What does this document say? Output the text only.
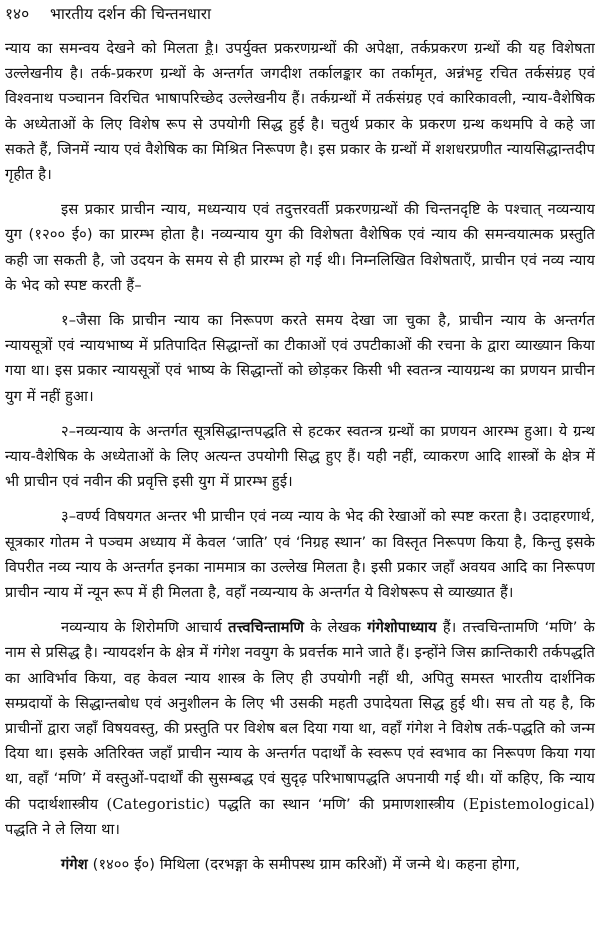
१४० भारतीय दर्शन की चिन्तनधारा

न्याय का समन्वय देखने को मिलता है। उपर्युक्त प्रकरणग्रन्थों की अपेक्षा, तर्कप्रकरण ग्रन्थों की यह विशेषता उल्लेखनीय है। तर्क-प्रकरण ग्रन्थों के अन्तर्गत जगदीश तर्कालङ्कार का तर्कामृत, अन्नंभट्ट रचित तर्कसंग्रह एवं विश्वनाथ पञ्चानन विरचित भाषापरिच्छेद उल्लेखनीय हैं। तर्कग्रन्थों में तर्कसंग्रह एवं कारिकावली, न्याय-वैशेषिक के अध्येताओं के लिए विशेष रूप से उपयोगी सिद्ध हुई है। चतुर्थ प्रकार के प्रकरण ग्रन्थ कथमपि वे कहे जा सकते हैं, जिनमें न्याय एवं वैशेषिक का मिश्रित निरूपण है। इस प्रकार के ग्रन्थों में शशधरप्रणीत न्यायसिद्धान्तदीप गृहीत है।

इस प्रकार प्राचीन न्याय, मध्यन्याय एवं तदुत्तरवर्ती प्रकरणग्रन्थों की चिन्तनदृष्टि के पश्चात् नव्यन्याय युग (१२०० ई०) का प्रारम्भ होता है। नव्यन्याय युग की विशेषता वैशेषिक एवं न्याय की समन्वयात्मक प्रस्तुति कही जा सकती है, जो उदयन के समय से ही प्रारम्भ हो गई थी। निम्नलिखित विशेषताएँ, प्राचीन एवं नव्य न्याय के भेद को स्पष्ट करती हैं–

१–जैसा कि प्राचीन न्याय का निरूपण करते समय देखा जा चुका है, प्राचीन न्याय के अन्तर्गत न्यायसूत्रों एवं न्यायभाष्य में प्रतिपादित सिद्धान्तों का टीकाओं एवं उपटीकाओं की रचना के द्वारा व्याख्यान किया गया था। इस प्रकार न्यायसूत्रों एवं भाष्य के सिद्धान्तों को छोड़कर किसी भी स्वतन्त्र न्यायग्रन्थ का प्रणयन प्राचीन युग में नहीं हुआ।

२–नव्यन्याय के अन्तर्गत सूत्रसिद्धान्तपद्धति से हटकर स्वतन्त्र ग्रन्थों का प्रणयन आरम्भ हुआ। ये ग्रन्थ न्याय-वैशेषिक के अध्येताओं के लिए अत्यन्त उपयोगी सिद्ध हुए हैं। यही नहीं, व्याकरण आदि शास्त्रों के क्षेत्र में भी प्राचीन एवं नवीन की प्रवृत्ति इसी युग में प्रारम्भ हुई।

३–वर्ण्य विषयगत अन्तर भी प्राचीन एवं नव्य न्याय के भेद की रेखाओं को स्पष्ट करता है। उदाहरणार्थ, सूत्रकार गोतम ने पञ्चम अध्याय में केवल ‘जाति’ एवं ‘निग्रह स्थान’ का विस्तृत निरूपण किया है, किन्तु इसके विपरीत नव्य न्याय के अन्तर्गत इनका नाममात्र का उल्लेख मिलता है। इसी प्रकार जहाँ अवयव आदि का निरूपण प्राचीन न्याय में न्यून रूप में ही मिलता है, वहाँ नव्यन्याय के अन्तर्गत ये विशेषरूप से व्याख्यात हैं।

नव्यन्याय के शिरोमणि आचार्य तत्त्वचिन्तामणि के लेखक गंगेशोपाध्याय हैं। तत्त्वचिन्तामणि ‘मणि’ के नाम से प्रसिद्ध है। न्यायदर्शन के क्षेत्र में गंगेश नवयुग के प्रवर्त्तक माने जाते हैं। इन्होंने जिस क्रान्तिकारी तर्कपद्धति का आविर्भाव किया, वह केवल न्याय शास्त्र के लिए ही उपयोगी नहीं थी, अपितु समस्त भारतीय दार्शनिक सम्प्रदायों के सिद्धान्तबोध एवं अनुशीलन के लिए भी उसकी महती उपादेयता सिद्ध हुई थी। सच तो यह है, कि प्राचीनों द्वारा जहाँ विषयवस्तु, की प्रस्तुति पर विशेष बल दिया गया था, वहाँ गंगेश ने विशेष तर्क-पद्धति को जन्म दिया था। इसके अतिरिक्त जहाँ प्राचीन न्याय के अन्तर्गत पदार्थों के स्वरूप एवं स्वभाव का निरूपण किया गया था, वहाँ ‘मणि’ में वस्तुओं-पदार्थों की सुसम्बद्ध एवं सुदृढ़ परिभाषापद्धति अपनायी गई थी। यों कहिए, कि न्याय की पदार्थशास्त्रीय (Categoristic) पद्धति का स्थान ‘मणि’ की प्रमाणशास्त्रीय (Epistemological) पद्धति ने ले लिया था।

गंगेश (१४०० ई०) मिथिला (दरभङ्गा के समीपस्थ ग्राम करिओं) में जन्मे थे। कहना होगा,
